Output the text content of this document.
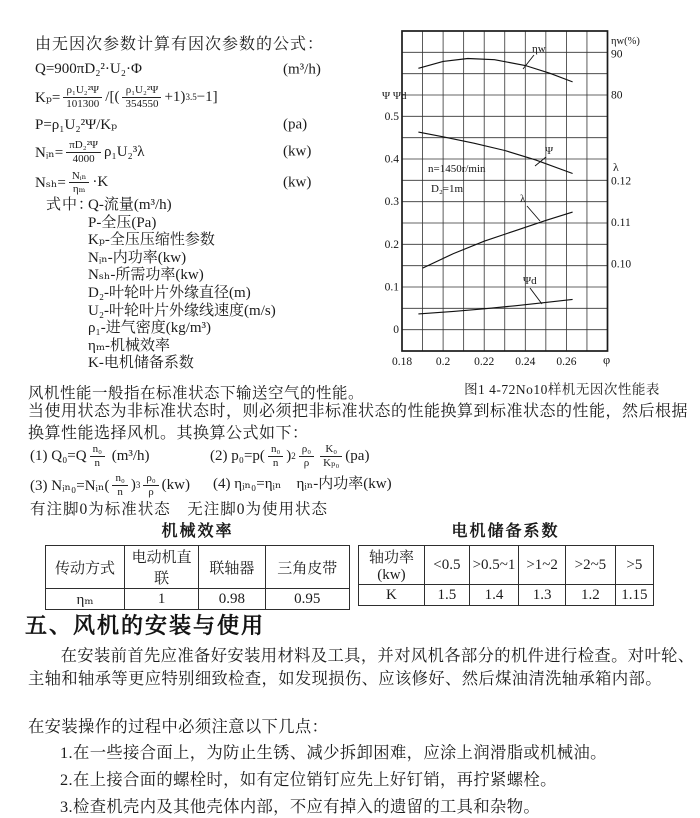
由无因次参数计算有因次参数的公式：
Q=900πD₂²·U₂·Φ	(m³/h)
$K_p= \frac{\text{ρ₁U₂²Ψ}}{101300}$ /[( $\frac{\text{ρ₁U₂²Ψ}}{354550} +1$) 3.5 −1]
P=ρ₁U₂²Ψ/Kₚ	(pa)
Nᵢₙ= $\frac{\text{πD₂²Ψ}}{4000} \rho_1U_2^3\lambda$	(kw)
$N_{sh}= \frac{\text{Nᵢₙ}}{\text{ηₘ}} \cdot K$	(kw)
式中：
Q-流量(m³/h)
P-全压(Pa)
Kₚ-全压压缩性参数
Nᵢₙ-内功率(kw)
Nₛₕ-所需功率(kw)
D₂-叶轮叶片外缘直径(m)
U₂-叶轮叶片外缘线速度(m/s)
ρ₁-进气密度(kg/m³)
ηₘ-机械效率
K-电机储备系数	0.18 0.2 0.22 0.24 0.26 φ
Ψ Ψd
0.5
0.4
0.3
0.2
0.1
0
ηw(%)
90
80
λ
0.12
0.11
0.10
n=1450r/min
D₂=1m
ηw
Ψ
λ
Ψd
图1 4-72No10样机无因次性能表
风机性能一般指在标准状态下输送空气的性能。
当使用状态为非标准状态时，则必须把非标准状态的性能换算到标准状态的性能，然后根据换算性能选择风机。其换算公式如下：
(1) $Q_0=Q \frac{\text{n₀}}{n}$
(m³/h)	(2) $p_0=p( \frac{\text{n₀}}{n}$ ) $2 \frac{\text{ρ₀}}{\rho} \frac{\text{K₀}}{\text{Kₚ₀}} (pa)$
(3) Nᵢₙ₀=Nᵢₙ( $\frac{\text{n₀}}{n}$ ) $3 \frac{\text{ρ₀}}{\rho} (kw)$ (4) ηᵢₙ₀=ηᵢₙ　ηᵢₙ-内功率(kw)
有注脚0为标准状态　无注脚0为使用状态
机械效率	电机储备系数
传动方式	电动机直联	联轴器	三角皮带
ηₘ	1	0.98	0.95
轴功率(kw)	<0.5	>0.5~1	>1~2	>2~5	>5
K	1.5	1.4	1.3	1.2	1.15
五、风机的安装与使用
在安装前首先应准备好安装用材料及工具，并对风机各部分的机件进行检查。对叶轮、主轴和轴承等更应特别细致检查，如发现损伤、应该修好、然后煤油清洗轴承箱内部。
在安装操作的过程中必须注意以下几点：
1.在一些接合面上，为防止生锈、减少拆卸困难，应涂上润滑脂或机械油。
2.在上接合面的螺栓时，如有定位销钉应先上好钉销，再拧紧螺栓。
3.检查机壳内及其他壳体内部，不应有掉入的遗留的工具和杂物。
